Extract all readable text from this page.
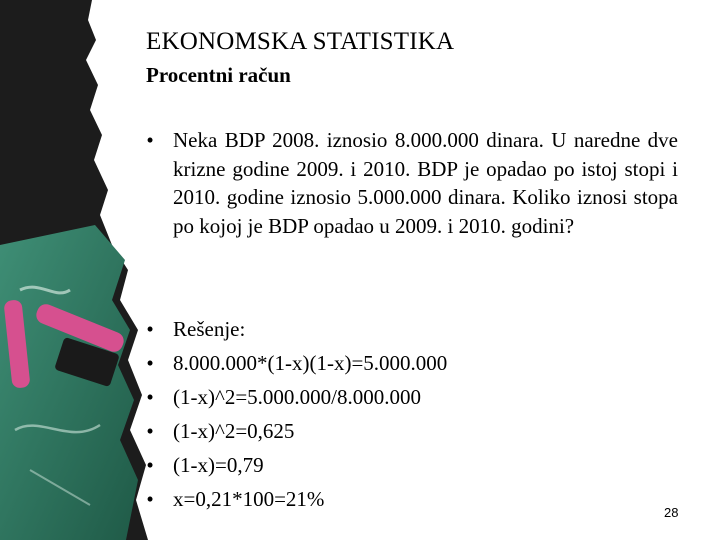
EKONOMSKA STATISTIKA
Procentni račun
• Neka BDP 2008. iznosio 8.000.000 dinara. U naredne dve krizne godine 2009. i 2010. BDP je opadao po istoj stopi i 2010. godine iznosio 5.000.000 dinara. Koliko iznosi stopa po kojoj je BDP opadao u 2009. i 2010. godini?
• Rešenje:
• 8.000.000*(1-x)(1-x)=5.000.000
• (1-x)^2=5.000.000/8.000.000
• (1-x)^2=0,625
• (1-x)=0,79
• x=0,21*100=21%
28
